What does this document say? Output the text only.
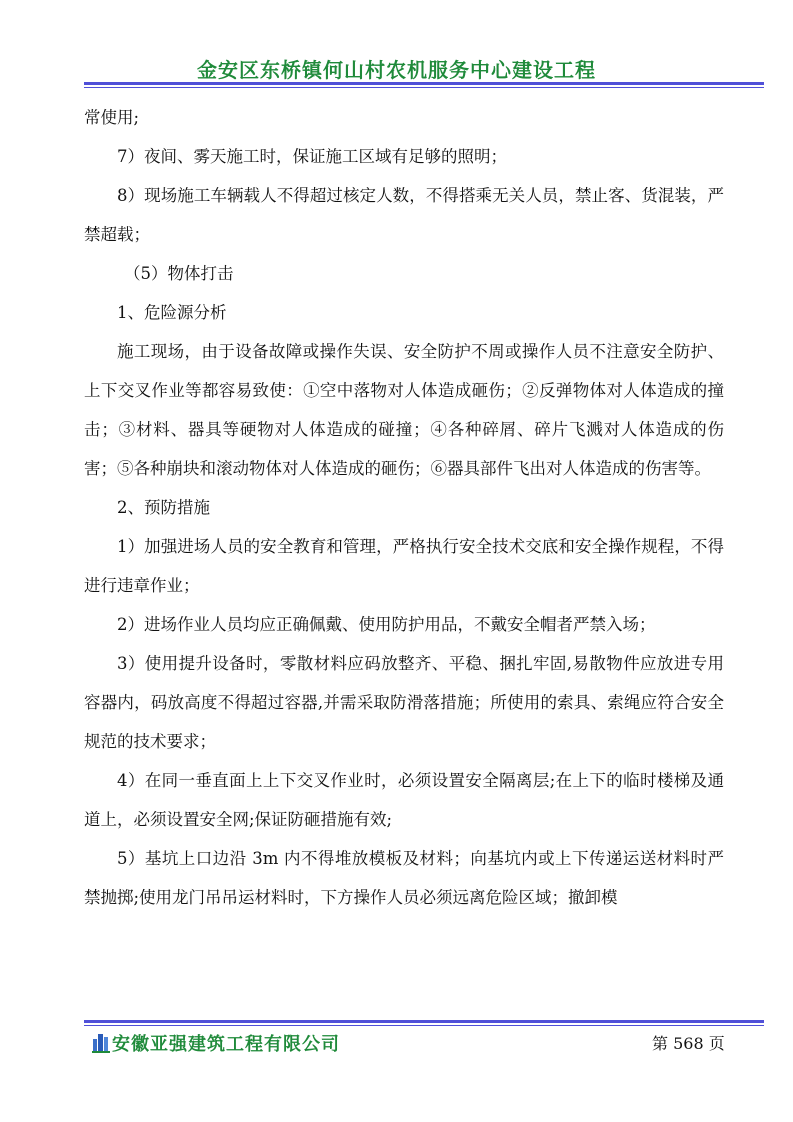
金安区东桥镇何山村农机服务中心建设工程

常使用;

7）夜间、雾天施工时，保证施工区域有足够的照明；

8）现场施工车辆载人不得超过核定人数，不得搭乘无关人员，禁止客、货混装，严禁超载；

（5）物体打击

1、危险源分析

施工现场，由于设备故障或操作失误、安全防护不周或操作人员不注意安全防护、上下交叉作业等都容易致使：①空中落物对人体造成砸伤；②反弹物体对人体造成的撞击；③材料、器具等硬物对人体造成的碰撞；④各种碎屑、碎片飞溅对人体造成的伤害；⑤各种崩块和滚动物体对人体造成的砸伤；⑥器具部件飞出对人体造成的伤害等。

2、预防措施

1）加强进场人员的安全教育和管理，严格执行安全技术交底和安全操作规程，不得进行违章作业；

2）进场作业人员均应正确佩戴、使用防护用品，不戴安全帽者严禁入场；

3）使用提升设备时，零散材料应码放整齐、平稳、捆扎牢固,易散物件应放进专用容器内，码放高度不得超过容器,并需采取防滑落措施；所使用的索具、索绳应符合安全规范的技术要求；

4）在同一垂直面上上下交叉作业时，必须设置安全隔离层;在上下的临时楼梯及通道上，必须设置安全网;保证防砸措施有效;

5）基坑上口边沿 3m 内不得堆放模板及材料；向基坑内或上下传递运送材料时严禁抛掷;使用龙门吊吊运材料时，下方操作人员必须远离危险区域；撤卸模

安徽亚强建筑工程有限公司	第 568 页
